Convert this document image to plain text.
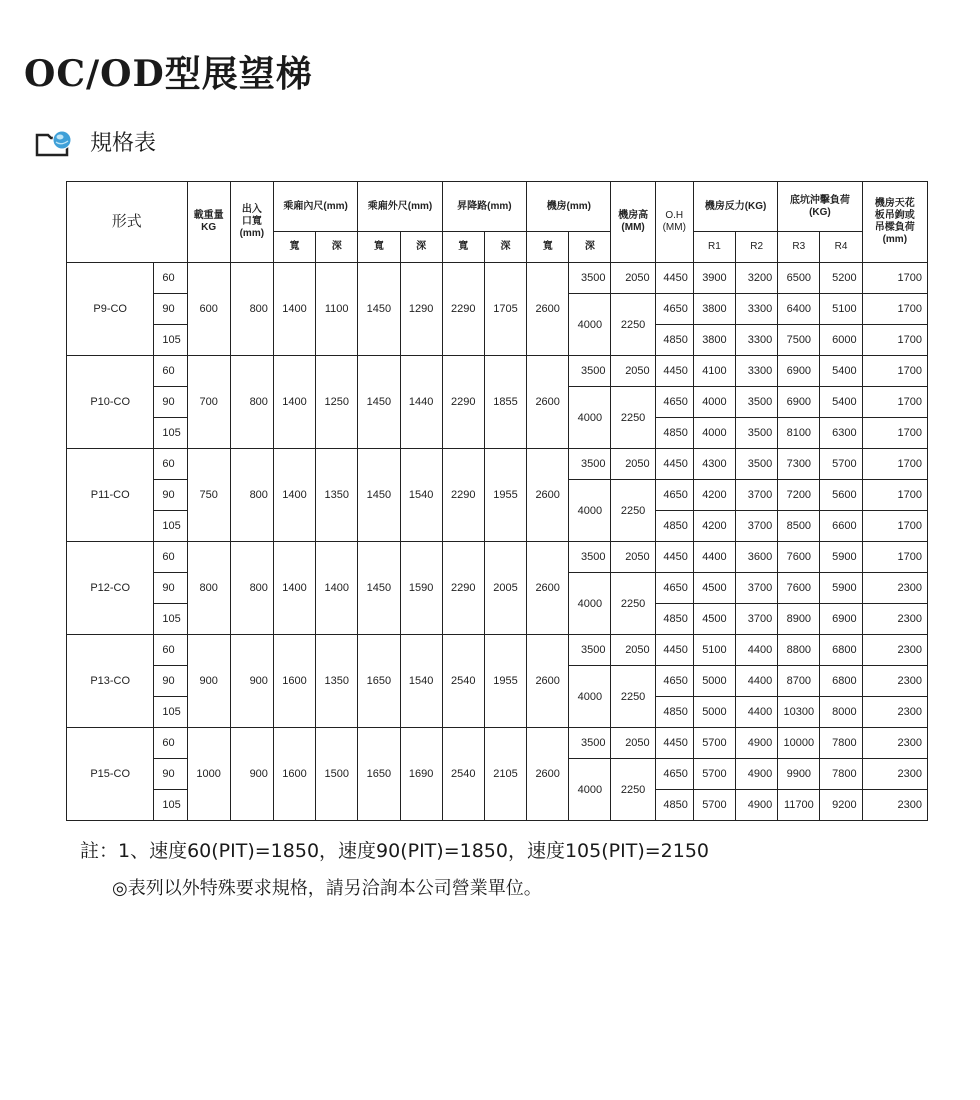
OC/OD型展望梯
規格表
形式		載重量
KG	出入
口寬
(mm)	乘廂內尺(mm)		乘廂外尺(mm)		昇降路(mm)		機房(mm)		機房高
(MM)	O.H
(MM)	機房反力(KG)		底坑沖擊負荷
(KG)		機房天花
板吊鉤或
吊樑負荷
(mm)
				寬	深	寬	深	寬	深	寬	深			R1	R2	R3	R4	
P9-CO	60	600	800	1400	1100	1450	1290	2290	1705	2600	3500	2050	4450	3900	3200	6500	5200	1700
	90										4000	2250	4650	3800	3300	6400	5100	1700
	105												4850	3800	3300	7500	6000	1700
P10-CO	60	700	800	1400	1250	1450	1440	2290	1855	2600	3500	2050	4450	4100	3300	6900	5400	1700
	90										4000	2250	4650	4000	3500	6900	5400	1700
	105												4850	4000	3500	8100	6300	1700
P11-CO	60	750	800	1400	1350	1450	1540	2290	1955	2600	3500	2050	4450	4300	3500	7300	5700	1700
	90										4000	2250	4650	4200	3700	7200	5600	1700
	105												4850	4200	3700	8500	6600	1700
P12-CO	60	800	800	1400	1400	1450	1590	2290	2005	2600	3500	2050	4450	4400	3600	7600	5900	1700
	90										4000	2250	4650	4500	3700	7600	5900	2300
	105												4850	4500	3700	8900	6900	2300
P13-CO	60	900	900	1600	1350	1650	1540	2540	1955	2600	3500	2050	4450	5100	4400	8800	6800	2300
	90										4000	2250	4650	5000	4400	8700	6800	2300
	105												4850	5000	4400	10300	8000	2300
P15-CO	60	1000	900	1600	1500	1650	1690	2540	2105	2600	3500	2050	4450	5700	4900	10000	7800	2300
	90										4000	2250	4650	5700	4900	9900	7800	2300
	105												4850	5700	4900	11700	9200	2300
註：1、速度60(PIT)=1850，速度90(PIT)=1850，速度105(PIT)=2150
◎表列以外特殊要求規格，請另洽詢本公司營業單位。
